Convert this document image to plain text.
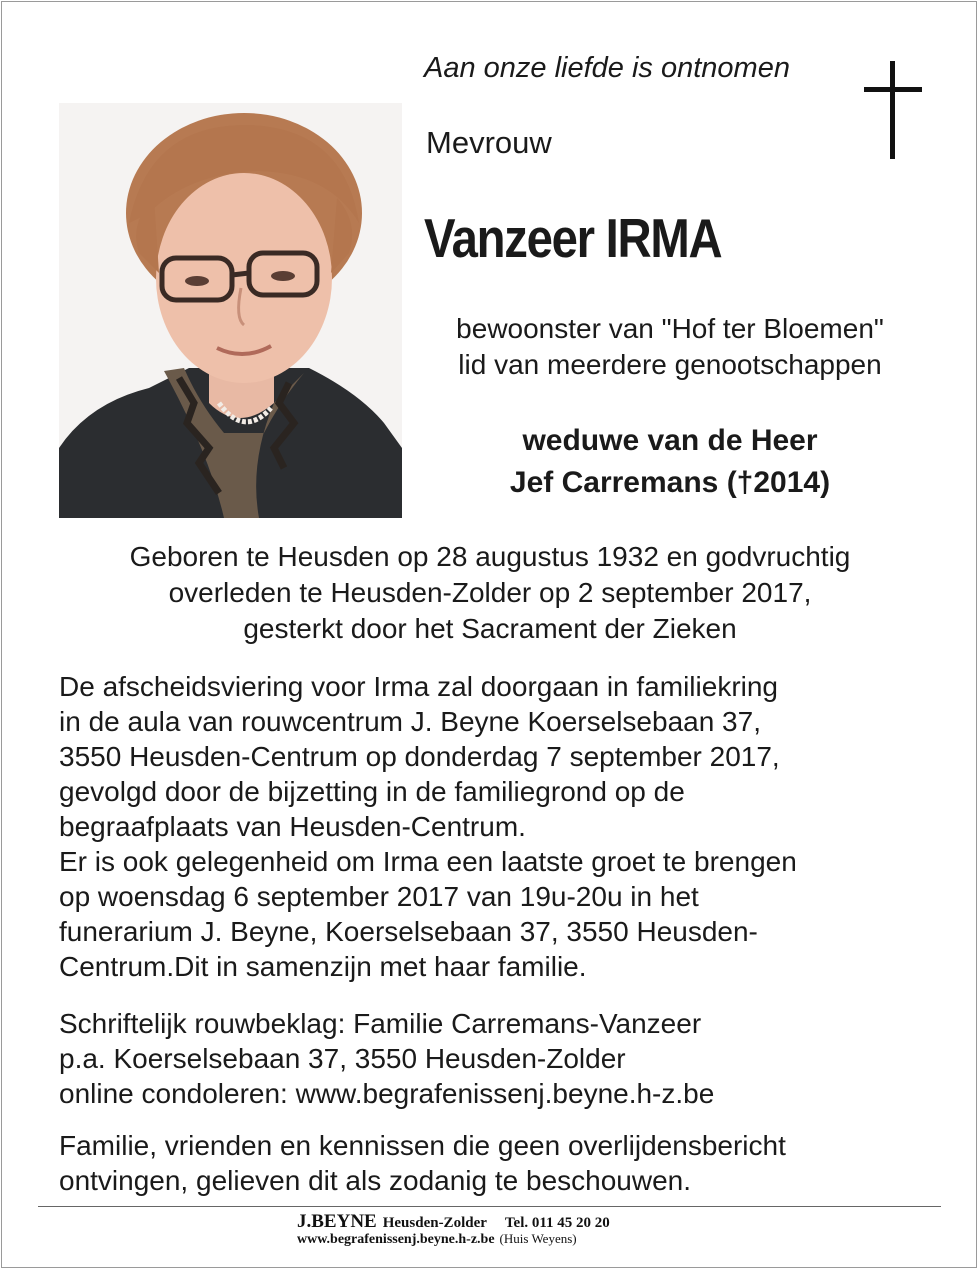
Aan onze liefde is ontnomen
Mevrouw
Vanzeer IRMA
bewoonster van "Hof ter Bloemen"
lid van meerdere genootschappen
weduwe van de Heer
Jef Carremans (†2014)
Geboren te Heusden op 28 augustus 1932 en godvruchtig
overleden te Heusden-Zolder op 2 september 2017,
gesterkt door het Sacrament der Zieken
De afscheidsviering voor Irma zal doorgaan in familiekring
in de aula van rouwcentrum J. Beyne Koerselsebaan 37,
3550 Heusden-Centrum op donderdag 7 september 2017,
gevolgd door de bijzetting in de familiegrond op de
begraafplaats van Heusden-Centrum.
Er is ook gelegenheid om Irma een laatste groet te brengen
op woensdag 6 september 2017 van 19u-20u in het
funerarium J. Beyne, Koerselsebaan 37, 3550 Heusden-
Centrum.Dit in samenzijn met haar familie.
Schriftelijk rouwbeklag: Familie Carremans-Vanzeer
p.a. Koerselsebaan 37, 3550 Heusden-Zolder
online condoleren: www.begrafenissenj.beyne.h-z.be
Familie, vrienden en kennissen die geen overlijdensbericht
ontvingen, gelieven dit als zodanig te beschouwen.
J.BEYNE Heusden-Zolder Tel. 011 45 20 20
www.begrafenissenj.beyne.h-z.be (Huis Weyens)
